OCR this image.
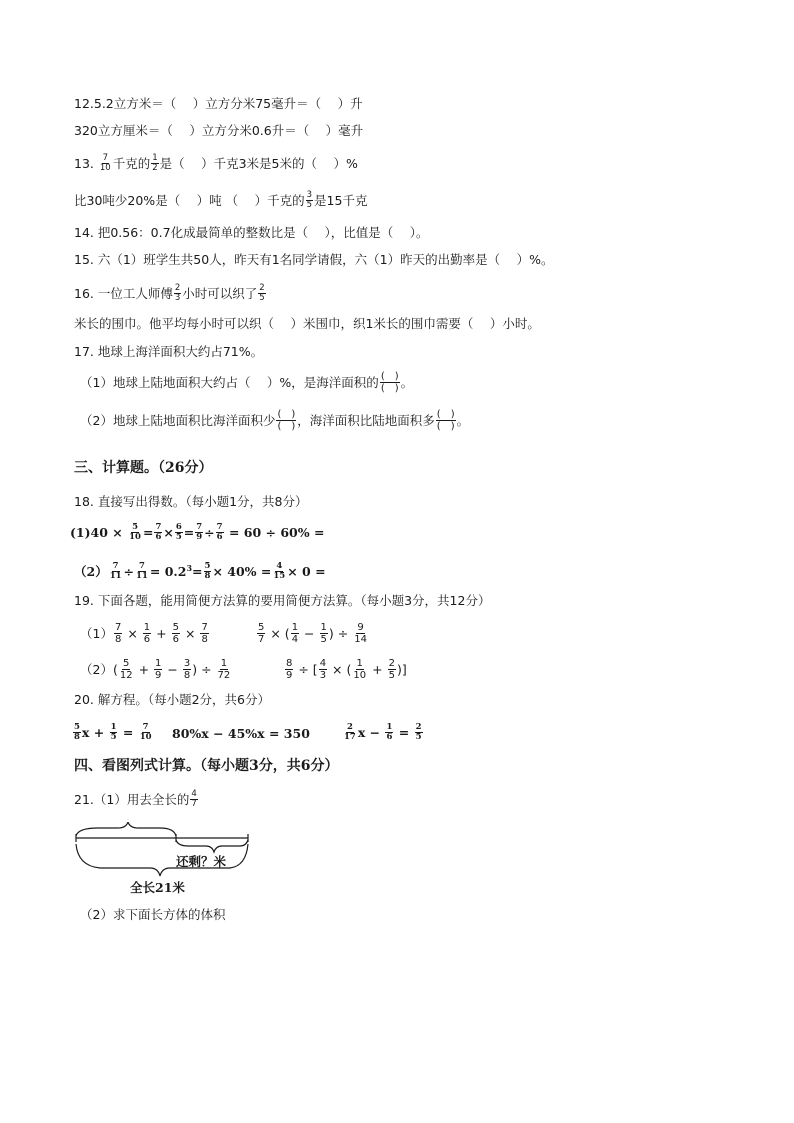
12.5.2立方米＝（　 ）立方分米75毫升＝（　 ）升
320立方厘米＝（　 ）立方分米0.6升＝（　 ）毫升
13. $\frac{7}{10}$ 千克的 $\frac{1}{2}$ 是（　 ）千克3米是5米的（　 ）%
比30吨少20%是（　 ）吨 （　 ）千克的 $\frac{3}{5}$ 是15千克
14. 把0.56：0.7化成最简单的整数比是（　 ），比值是（　 ）。
15. 六（1）班学生共50人，昨天有1名同学请假，六（1）昨天的出勤率是（　 ）%。
16. 一位工人师傅 $\frac{2}{3}$ 小时可以织了 $\frac{2}{5}$
米长的围巾。他平均每小时可以织（　 ）米围巾，织1米长的围巾需要（　 ）小时。
17. 地球上海洋面积大约占71%。
（1）地球上陆地面积大约占（　 ）%，是海洋面积的 (　)
(　) 。
（2）地球上陆地面积比海洋面积少 (　)
(　) ，海洋面积比陆地面积多 (　)
(　) 。
三、计算题。（26分）
18. 直接写出得数。（每小题1分，共8分）
$(1)40 \times \frac{5}{10} = \frac{7}{6} \times \frac{6}{5} = \frac{7}{9} \div \frac{7}{6} = 60 \div 60\%$ =
$(2) \frac{7}{11} \div \frac{7}{11} = 0.2^3= \frac{5}{8} \times 40\% = \frac{4}{15} \times 0$ =
19. 下面各题，能用简便方法算的要用简便方法算。（每小题3分，共12分）
$(1) \frac{7}{8} \times \frac{1}{6} + \frac{5}{6} \times \frac{7}{8}$	$\frac{5}{7}$ × ( $\frac{1}{4} - \frac{1}{5}$ ) ÷ $\frac{9}{14}$
$(2)( \frac{5}{12} + \frac{1}{9} - \frac{3}{8}$ ) ÷ $\frac{1}{72}$	$\frac{8}{9}$ ÷ [ $\frac{4}{3}$ × ( $\frac{1}{10} + \frac{2}{5}$ )]
20. 解方程。（每小题2分，共6分）
$\frac{5}{8}$ $x + \frac{1}{5} = \frac{7}{10} 80\%x - 45\%x = 350$	$\frac{2}{17}$ $x - \frac{1}{6} = \frac{2}{5}$
四、看图列式计算。（每小题3分，共6分）
21.（1）用去全长的 $\frac{4}{7}$
还剩？米
全长21米
（2）求下面长方体的体积
